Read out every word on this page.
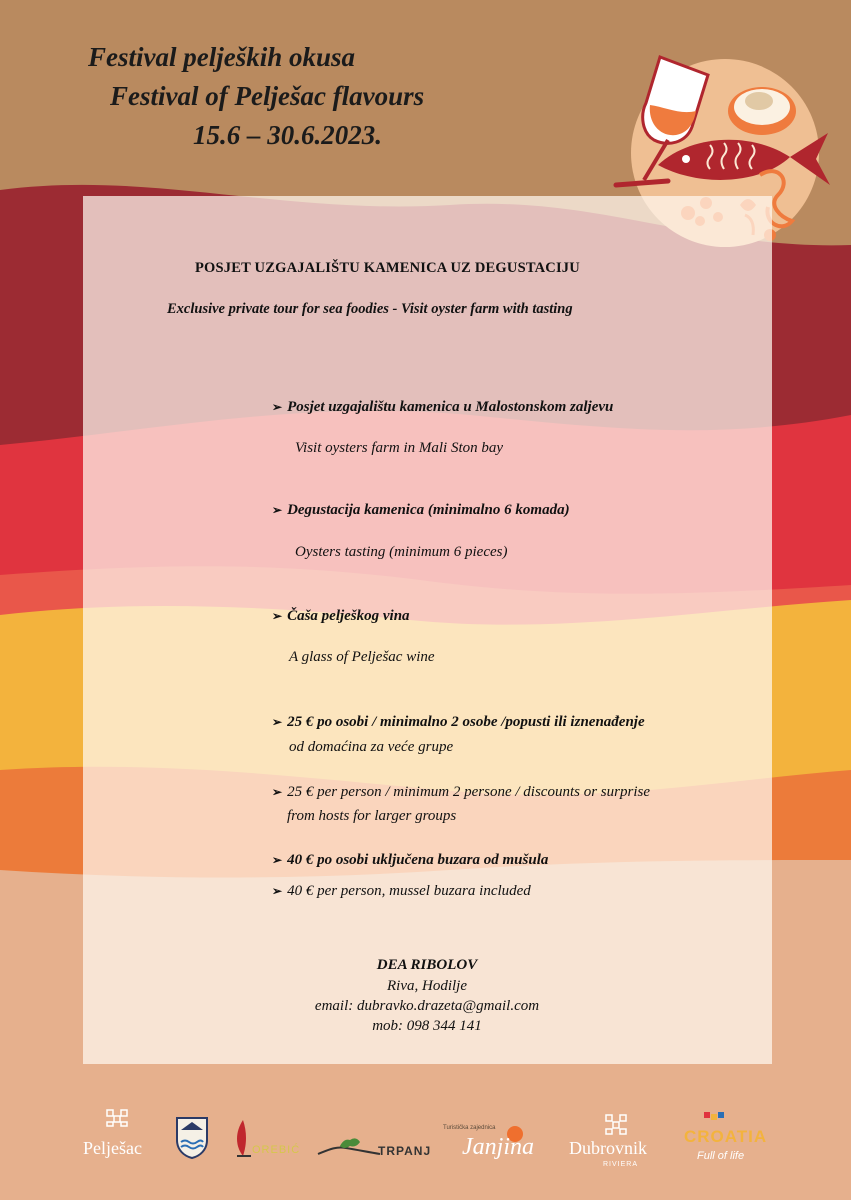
Festival peljeških okusa
Festival of Pelješac flavours
15.6 – 30.6.2023.
POSJET UZGAJALIŠTU KAMENICA UZ DEGUSTACIJU
Exclusive private tour for sea foodies - Visit oyster farm with tasting
➢ Posjet uzgajalištu kamenica u Malostonskom zaljevu
Visit oysters farm in Mali Ston bay
➢ Degustacija kamenica (minimalno 6 komada)
Oysters tasting (minimum 6 pieces)
➢ Čaša pelješkog vina
A glass of Pelješac wine
➢ 25 € po osobi / minimalno 2 osobe /popusti ili iznenađenje
od domaćina za veće grupe
➢ 25 € per person / minimum 2 persone / discounts or surprise
from hosts for larger groups
➢ 40 € po osobi uključena buzara od mušula
➢ 40 € per person, mussel buzara included
DEA RIBOLOV
Riva, Hodilje
email: dubravko.drazeta@gmail.com
mob: 098 344 141
Pelješac	OREBIĆ	TRPANJ
Turistička zajednica
Janjina Dubrovnik
RIVIERA
CROATIA
Full of life
